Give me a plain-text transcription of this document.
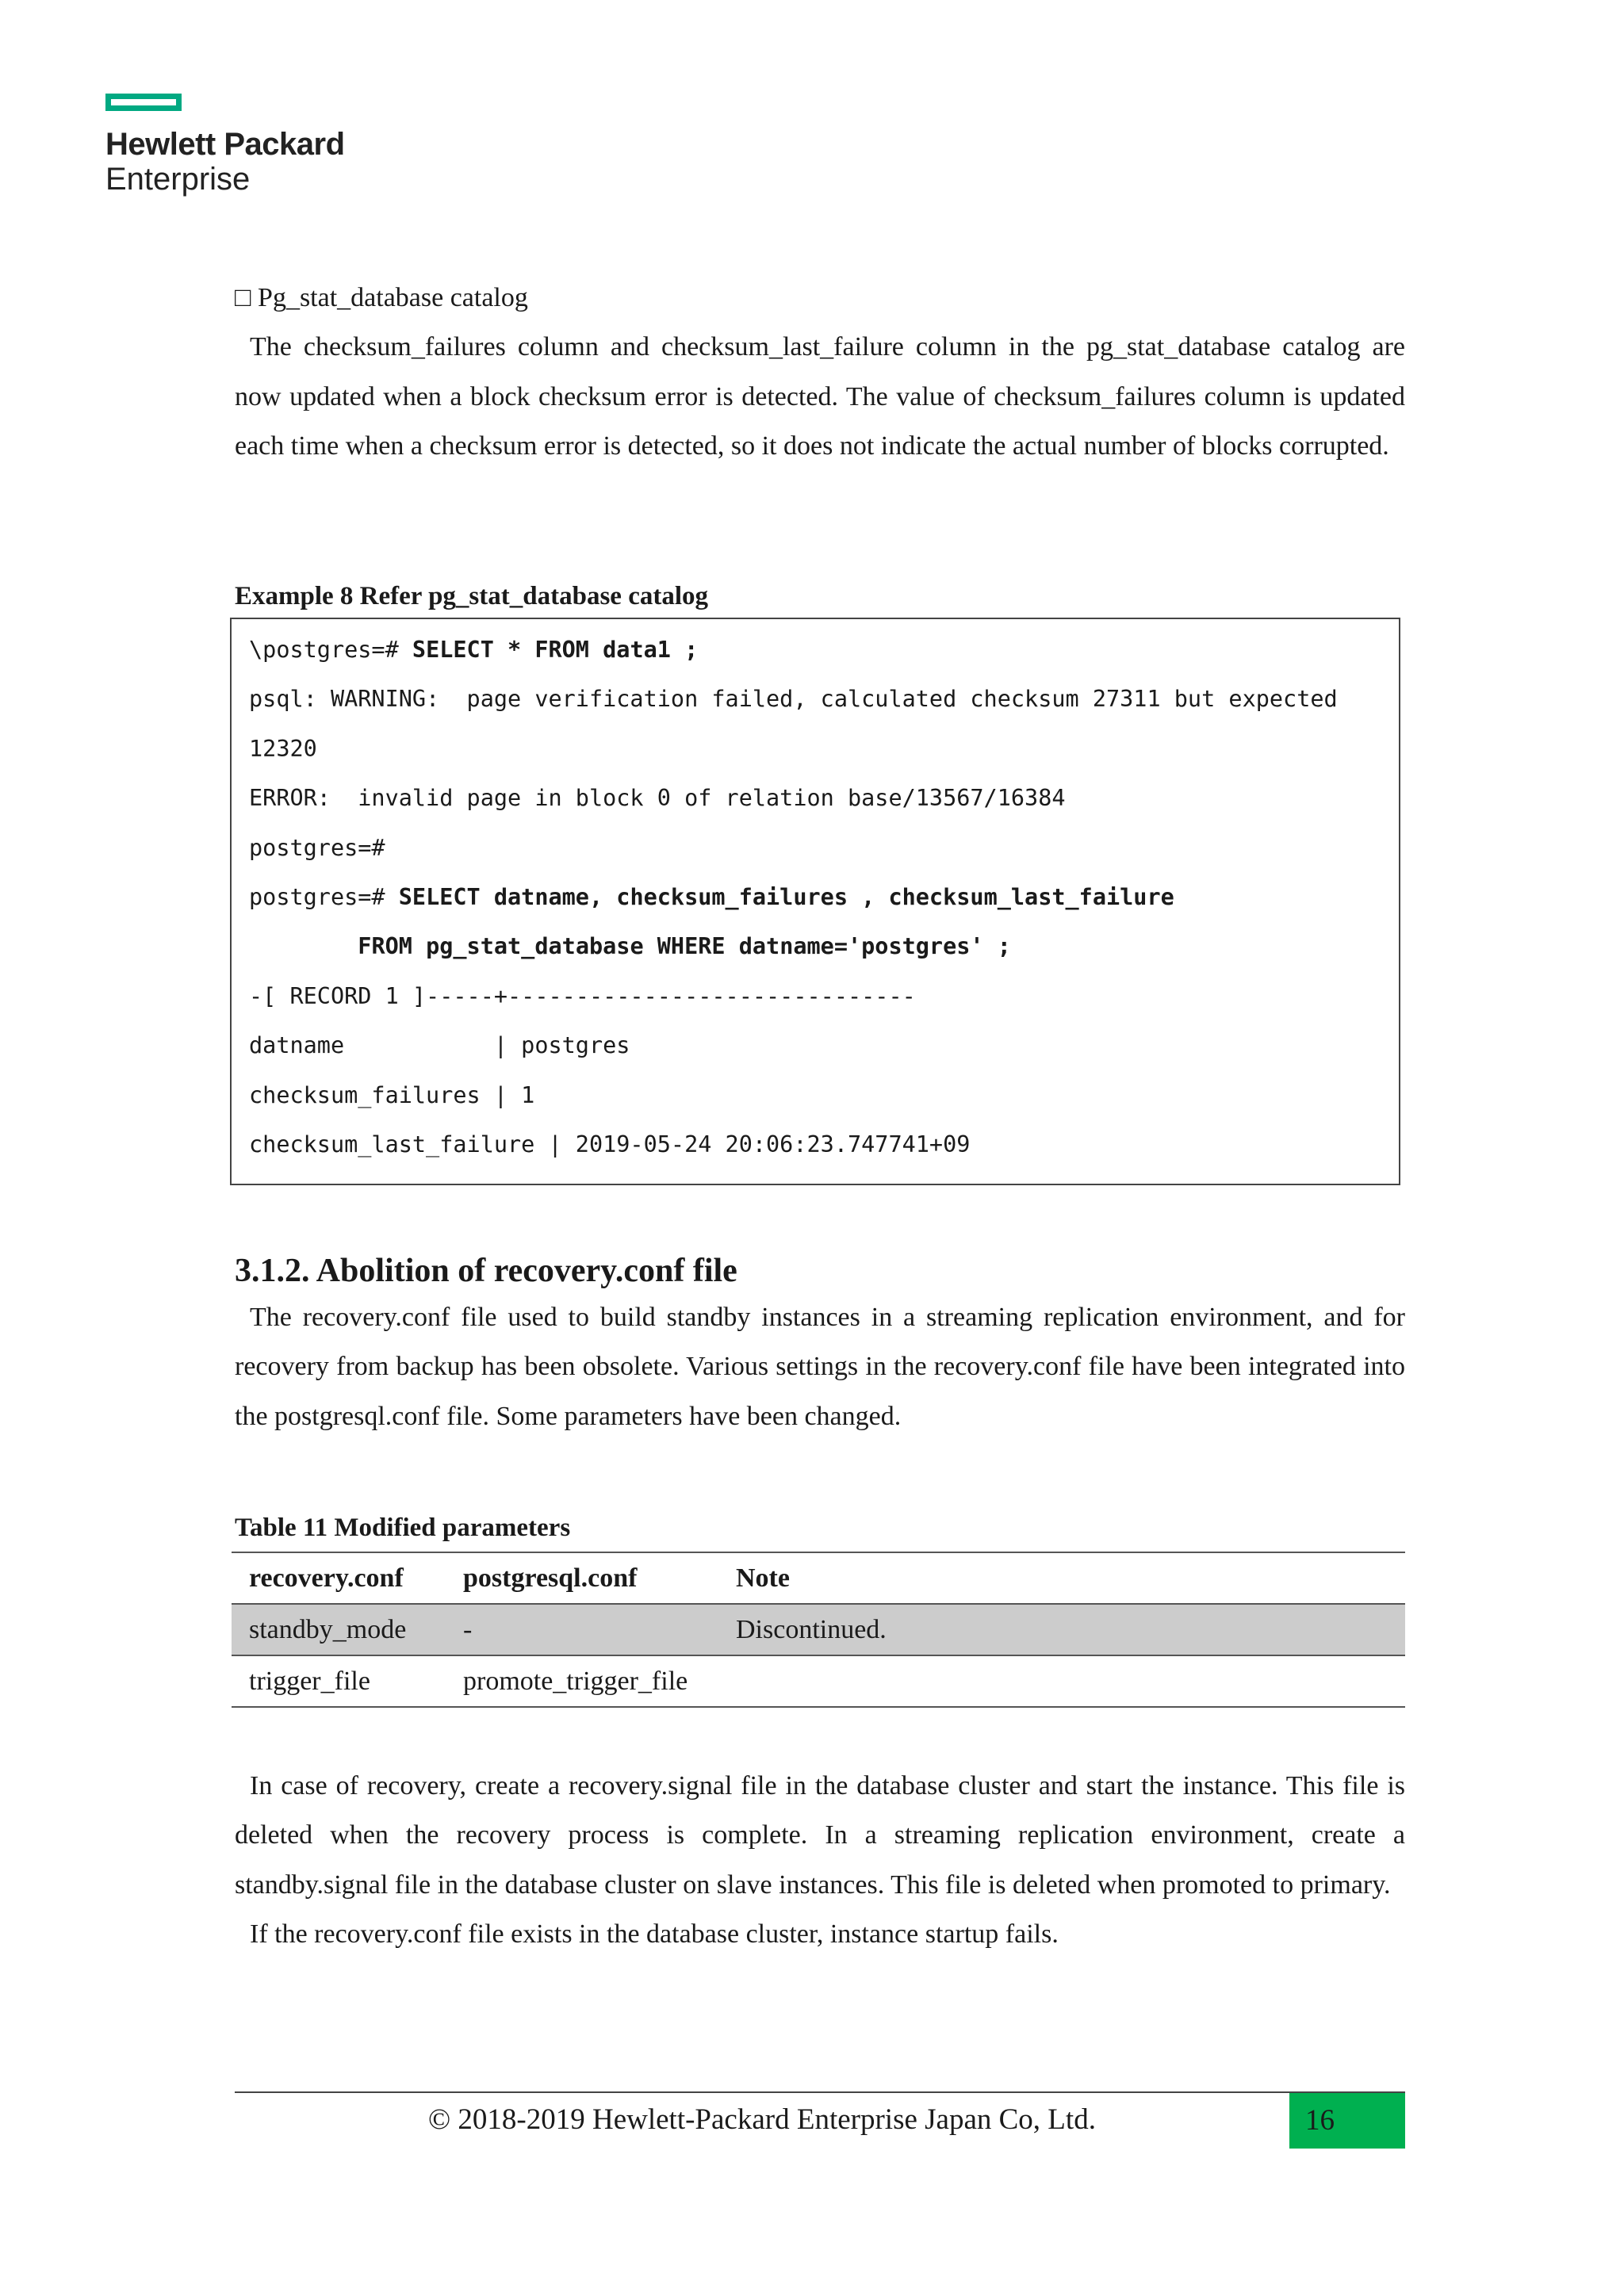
Hewlett Packard
Enterprise

□ Pg_stat_database catalog

The checksum_failures column and checksum_last_failure column in the pg_stat_database catalog are now updated when a block checksum error is detected. The value of checksum_failures column is updated each time when a checksum error is detected, so it does not indicate the actual number of blocks corrupted.

Example 8 Refer pg_stat_database catalog

\postgres=# SELECT * FROM data1 ;
psql: WARNING:  page verification failed, calculated checksum 27311 but expected
12320
ERROR:  invalid page in block 0 of relation base/13567/16384
postgres=#
postgres=# SELECT datname, checksum_failures , checksum_last_failure
FROM pg_stat_database WHERE datname='postgres' ;
-[ RECORD 1 ]-----+------------------------------
datname           | postgres
checksum_failures | 1
checksum_last_failure | 2019-05-24 20:06:23.747741+09

3.1.2. Abolition of recovery.conf file

The recovery.conf file used to build standby instances in a streaming replication environment, and for recovery from backup has been obsolete. Various settings in the recovery.conf file have been integrated into the postgresql.conf file. Some parameters have been changed.

Table 11 Modified parameters

recovery.conf	postgresql.conf	Note
standby_mode	-	Discontinued.
trigger_file	promote_trigger_file	

In case of recovery, create a recovery.signal file in the database cluster and start the instance. This file is deleted when the recovery process is complete. In a streaming replication environment, create a standby.signal file in the database cluster on slave instances. This file is deleted when promoted to primary.

If the recovery.conf file exists in the database cluster, instance startup fails.

© 2018-2019 Hewlett-Packard Enterprise Japan Co, Ltd.	16
